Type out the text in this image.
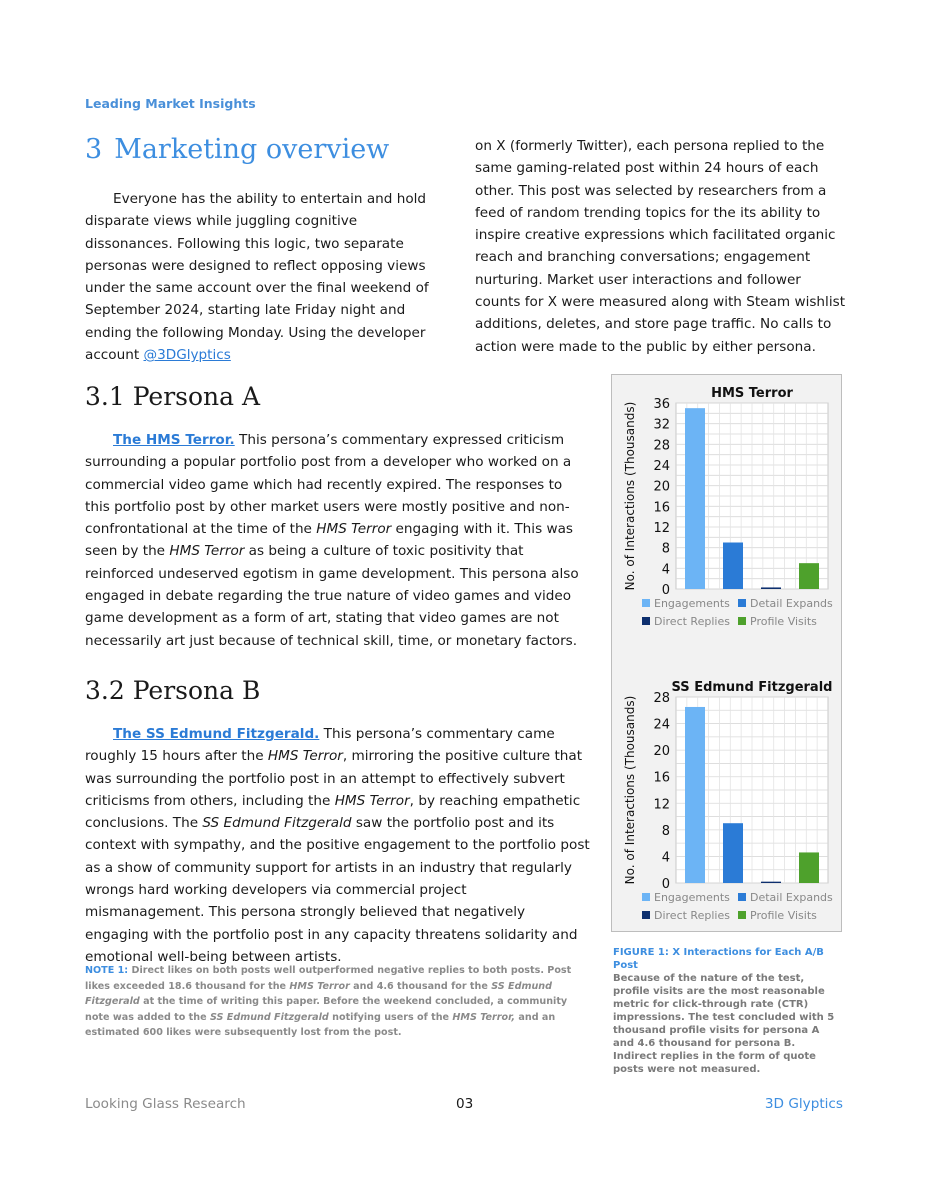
Leading Market Insights
3 Marketing overview
Everyone has the ability to entertain and hold disparate views while juggling cognitive dissonances. Following this logic, two separate personas were designed to reflect opposing views under the same account over the final weekend of September 2024, starting late Friday night and ending the following Monday. Using the developer account @3DGlyptics
on X (formerly Twitter), each persona replied to the same gaming-related post within 24 hours of each other. This post was selected by researchers from a feed of random trending topics for the its ability to inspire creative expressions which facilitated organic reach and branching conversations; engagement nurturing. Market user interactions and follower counts for X were measured along with Steam wishlist additions, deletes, and store page traffic. No calls to action were made to the public by either persona.
3.1 Persona A
The HMS Terror. This persona’s commentary expressed criticism surrounding a popular portfolio post from a developer who worked on a commercial video game which had recently expired. The responses to this portfolio post by other market users were mostly positive and non-confrontational at the time of the HMS Terror engaging with it. This was seen by the HMS Terror as being a culture of toxic positivity that reinforced undeserved egotism in game development. This persona also engaged in debate regarding the true nature of video games and video game development as a form of art, stating that video games are not necessarily art just because of technical skill, time, or monetary factors.
3.2 Persona B
The SS Edmund Fitzgerald. This persona’s commentary came roughly 15 hours after the HMS Terror, mirroring the positive culture that was surrounding the portfolio post in an attempt to effectively subvert criticisms from others, including the HMS Terror, by reaching empathetic conclusions. The SS Edmund Fitzgerald saw the portfolio post and its context with sympathy, and the positive engagement to the portfolio post as a show of community support for artists in an industry that regularly wrongs hard working developers via commercial project mismanagement. This persona strongly believed that negatively engaging with the portfolio post in any capacity threatens solidarity and emotional well-being between artists.
NOTE 1: Direct likes on both posts well outperformed negative replies to both posts. Post likes exceeded 18.6 thousand for the HMS Terror and 4.6 thousand for the SS Edmund Fitzgerald at the time of writing this paper. Before the weekend concluded, a community note was added to the SS Edmund Fitzgerald notifying users of the HMS Terror, and an estimated 600 likes were subsequently lost from the post.
HMS Terror
0
4
8
12
16
20
24
28
32
36
No. of Interactions (Thousands)
Engagements Detail Expands
Direct Replies Profile Visits
SS Edmund Fitzgerald
0
4
8
12
16
20
24
28
No. of Interactions (Thousands)
Engagements Detail Expands
Direct Replies Profile Visits
FIGURE 1: X Interactions for Each A/B Post
Because of the nature of the test, profile visits are the most reasonable metric for click-through rate (CTR) impressions. The test concluded with 5 thousand profile visits for persona A and 4.6 thousand for persona B. Indirect replies in the form of quote posts were not measured.
Looking Glass Research	03	3D Glyptics
